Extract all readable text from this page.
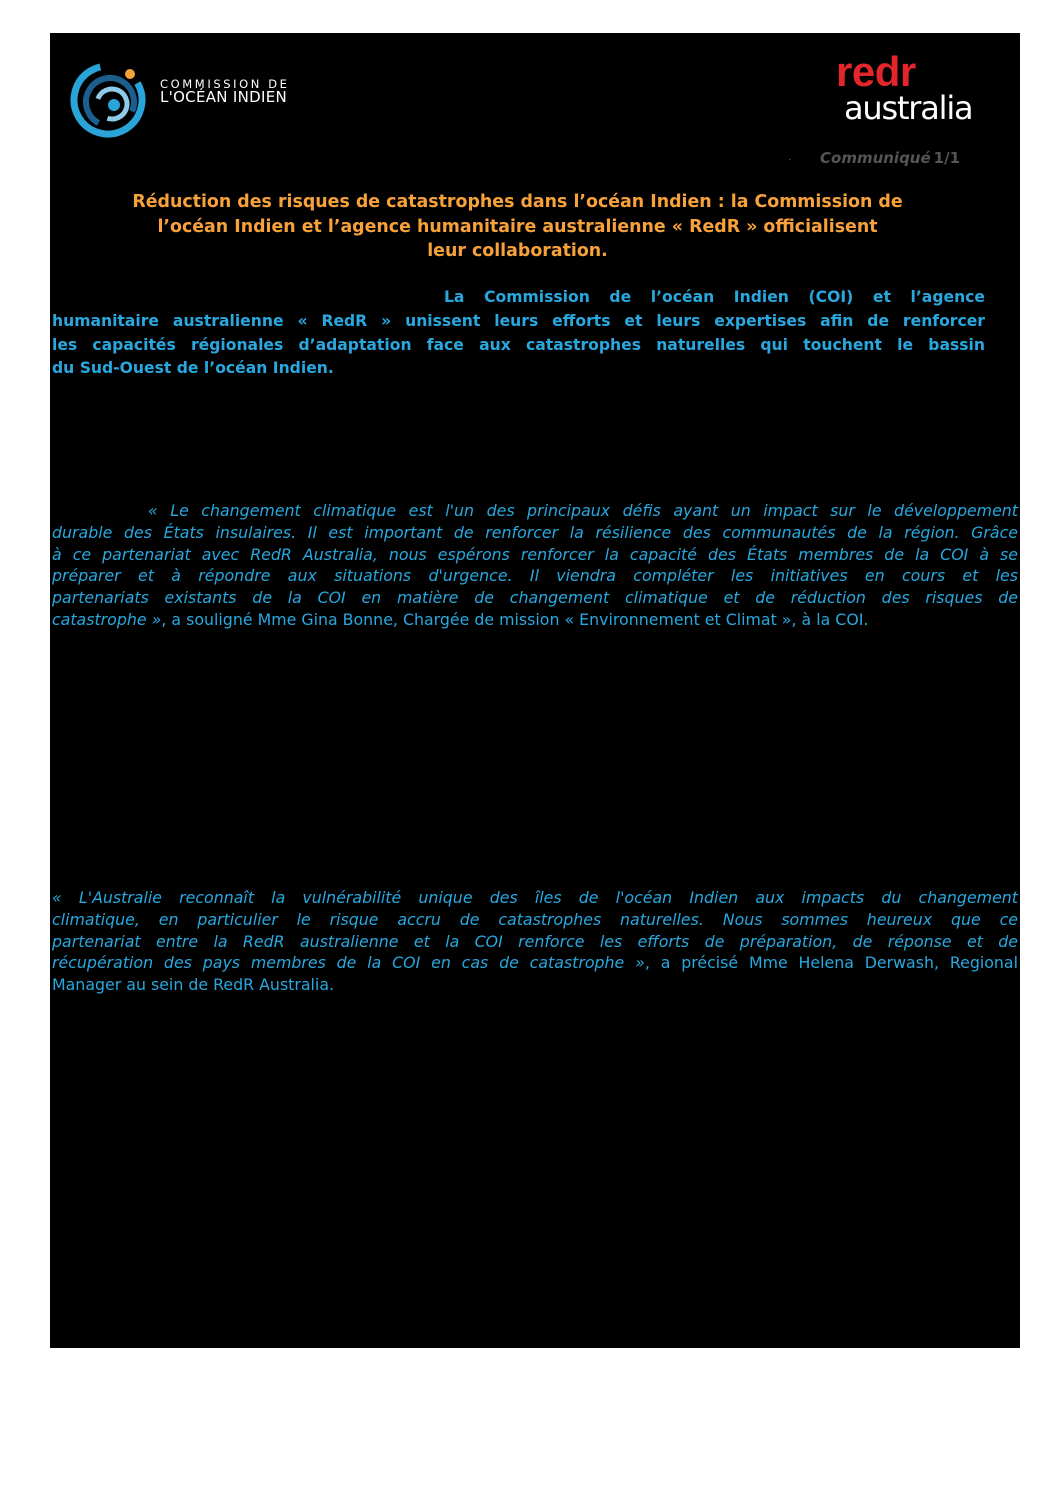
COMMISSION DE
L'OCÉAN INDIEN
redr
australia
· Communiqué 1/1
Réduction des risques de catastrophes dans l’océan Indien : la Commission de
l’océan Indien et l’agence humanitaire australienne « RedR » officialisent
leur collaboration.

La Commission de l’océan Indien (COI) et l’agence
humanitaire australienne « RedR » unissent leurs efforts et leurs expertises afin de renforcer
les capacités régionales d’adaptation face aux catastrophes naturelles qui touchent le bassin
du Sud-Ouest de l’océan Indien.

« Le changement climatique est l'un des principaux défis ayant un impact sur le développement
durable des États insulaires. Il est important de renforcer la résilience des communautés de la région. Grâce
à ce partenariat avec RedR Australia, nous espérons renforcer la capacité des États membres de la COI à se
préparer et à répondre aux situations d'urgence. Il viendra compléter les initiatives en cours et les
partenariats existants de la COI en matière de changement climatique et de réduction des risques de
catastrophe », a souligné Mme Gina Bonne, Chargée de mission « Environnement et Climat », à la COI.

« L'Australie reconnaît la vulnérabilité unique des îles de l'océan Indien aux impacts du changement
climatique, en particulier le risque accru de catastrophes naturelles. Nous sommes heureux que ce
partenariat entre la RedR australienne et la COI renforce les efforts de préparation, de réponse et de
récupération des pays membres de la COI en cas de catastrophe », a précisé Mme Helena Derwash, Regional
Manager au sein de RedR Australia.
